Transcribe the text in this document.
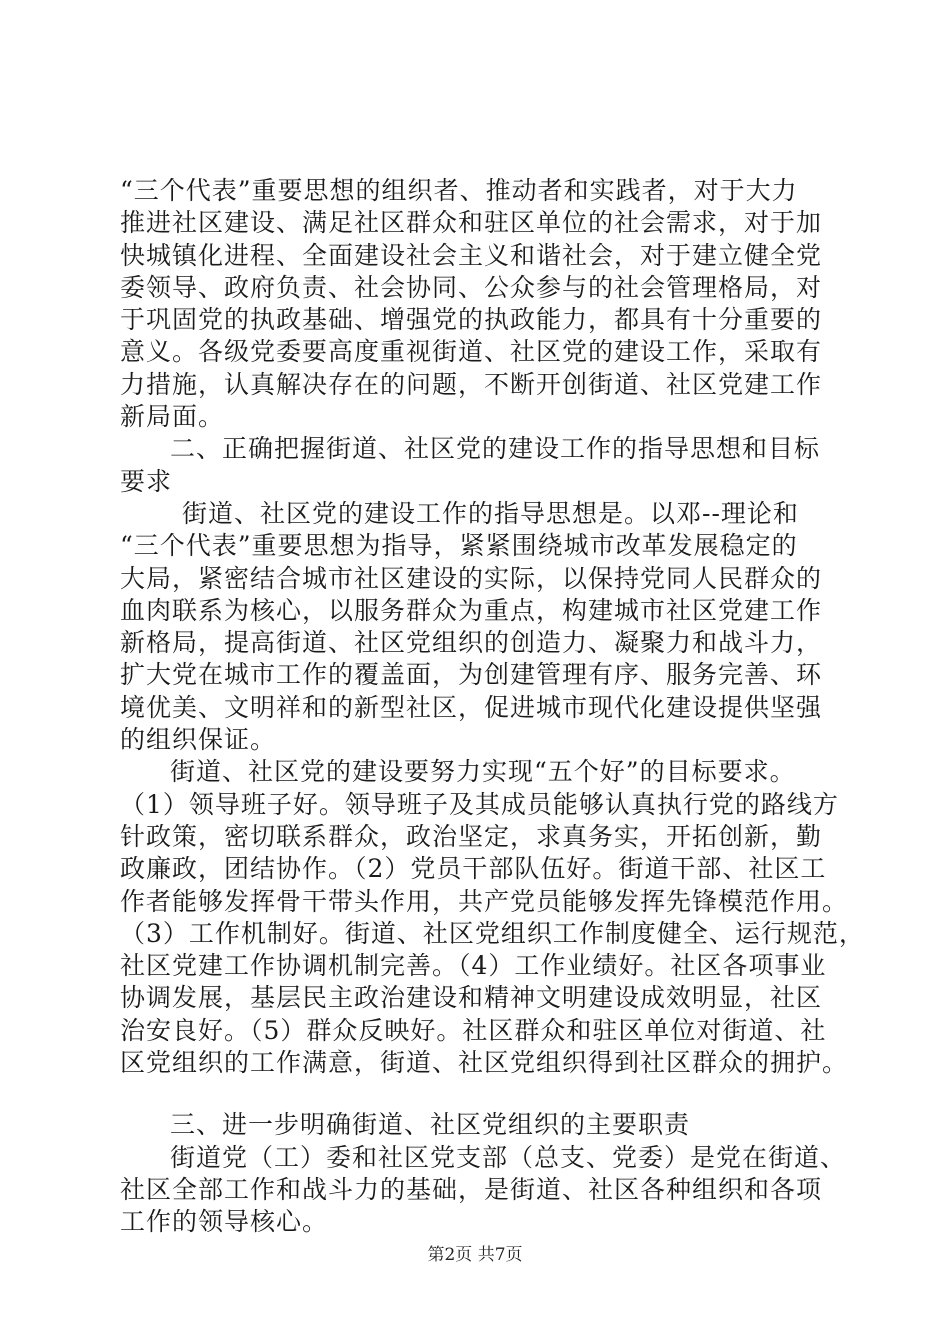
“三个代表”重要思想的组织者、推动者和实践者，对于大力
推进社区建设、满足社区群众和驻区单位的社会需求，对于加
快城镇化进程、全面建设社会主义和谐社会，对于建立健全党
委领导、政府负责、社会协同、公众参与的社会管理格局，对
于巩固党的执政基础、增强党的执政能力，都具有十分重要的
意义。各级党委要高度重视街道、社区党的建设工作，采取有
力措施，认真解决存在的问题，不断开创街道、社区党建工作
新局面。
二、正确把握街道、社区党的建设工作的指导思想和目标
要求
街道、社区党的建设工作的指导思想是。以邓--理论和
“三个代表”重要思想为指导，紧紧围绕城市改革发展稳定的
大局，紧密结合城市社区建设的实际，以保持党同人民群众的
血肉联系为核心，以服务群众为重点，构建城市社区党建工作
新格局，提高街道、社区党组织的创造力、凝聚力和战斗力，
扩大党在城市工作的覆盖面，为创建管理有序、服务完善、环
境优美、文明祥和的新型社区，促进城市现代化建设提供坚强
的组织保证。
街道、社区党的建设要努力实现“五个好”的目标要求。
（1）领导班子好。领导班子及其成员能够认真执行党的路线方
针政策，密切联系群众，政治坚定，求真务实，开拓创新，勤
政廉政，团结协作。（2）党员干部队伍好。街道干部、社区工
作者能够发挥骨干带头作用，共产党员能够发挥先锋模范作用。
（3）工作机制好。街道、社区党组织工作制度健全、运行规范，
社区党建工作协调机制完善。（4）工作业绩好。社区各项事业
协调发展，基层民主政治建设和精神文明建设成效明显，社区
治安良好。（5）群众反映好。社区群众和驻区单位对街道、社
区党组织的工作满意，街道、社区党组织得到社区群众的拥护。
三、进一步明确街道、社区党组织的主要职责
街道党（工）委和社区党支部（总支、党委）是党在街道、
社区全部工作和战斗力的基础，是街道、社区各种组织和各项
工作的领导核心。
第2页 共7页
